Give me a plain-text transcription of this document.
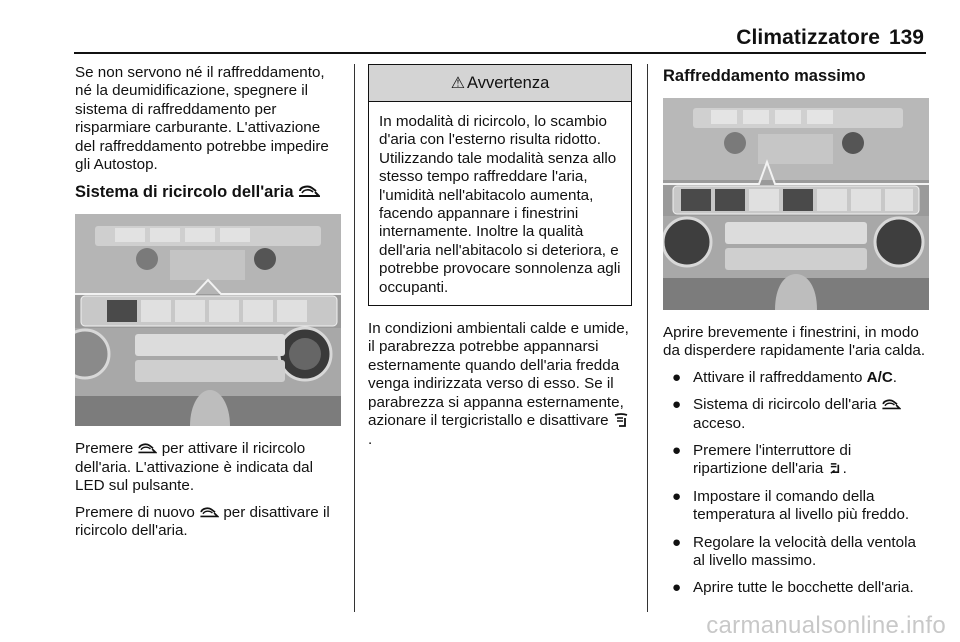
Climatizzatore 139

Se non servono né il raffreddamento, né la deumidificazione, spegnere il sistema di raffreddamento per risparmiare carburante. L'attivazione del raffreddamento potrebbe impedire gli Autostop.

Sistema di ricircolo dell'aria

Premere per attivare il ricircolo dell'aria. L'attivazione è indicata dal LED sul pulsante.

Premere di nuovo per disattivare il ricircolo dell'aria.

⚠ Avvertenza
In modalità di ricircolo, lo scambio d'aria con l'esterno risulta ridotto. Utilizzando tale modalità senza allo stesso tempo raffreddare l'aria, l'umidità nell'abitacolo aumenta, facendo appannare i finestrini internamente. Inoltre la qualità dell'aria nell'abitacolo si deteriora, e potrebbe provocare sonnolenza agli occupanti.

In condizioni ambientali calde e umide, il parabrezza potrebbe appannarsi esternamente quando dell'aria fredda venga indirizzata verso di esso. Se il parabrezza si appanna esternamente, azionare il tergicristallo e disattivare .

Raffreddamento massimo

Aprire brevemente i finestrini, in modo da disperdere rapidamente l'aria calda.

● Attivare il raffreddamento A/C.
● Sistema di ricircolo dell'aria
acceso.
● Premere l'interruttore di ripartizione dell'aria .
● Impostare il comando della temperatura al livello più freddo.
● Regolare la velocità della ventola al livello massimo.
● Aprire tutte le bocchette dell'aria.
carmanualsonline.info
